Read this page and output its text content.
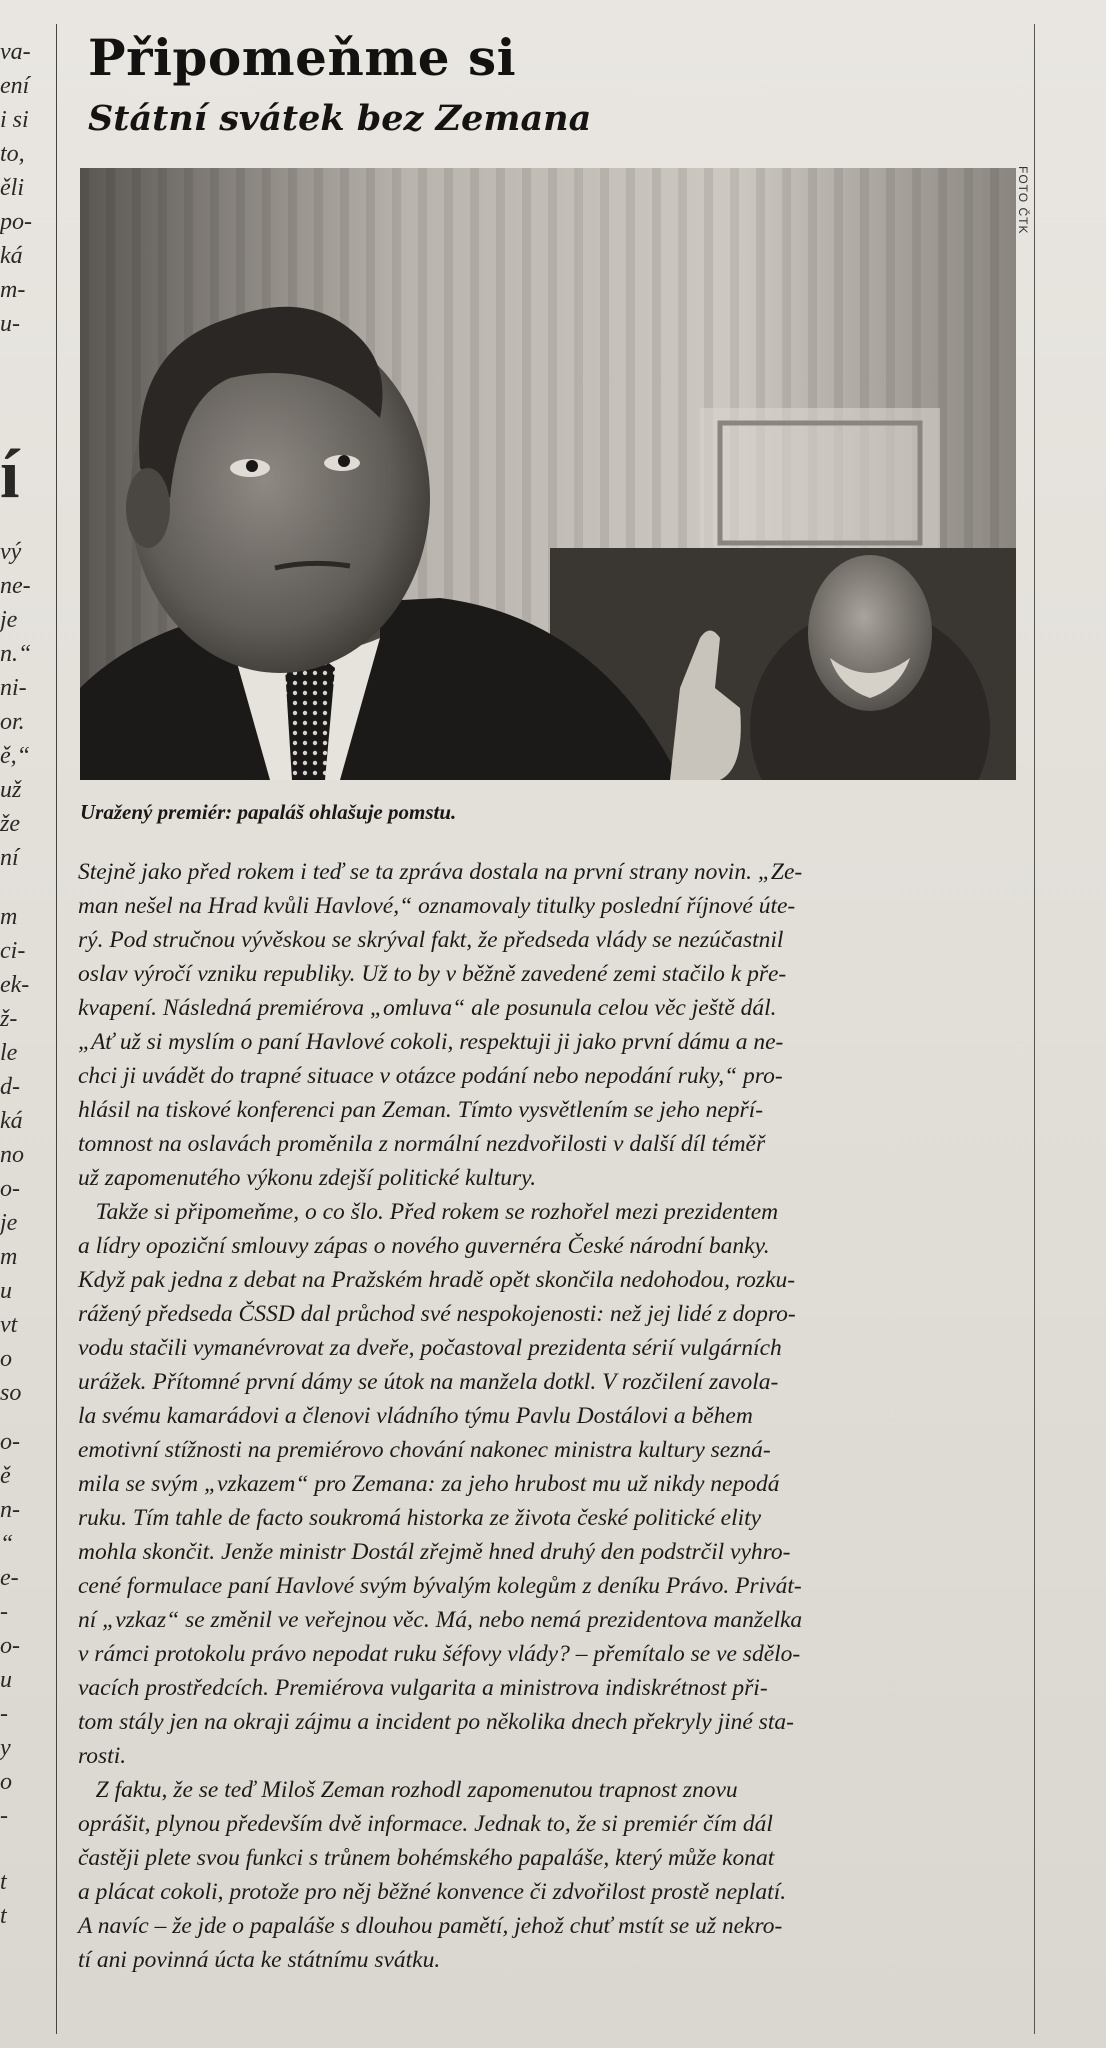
va-
ení
i si
to,
ěli
po-
ká
m-
u-
í
vý
ne-
je
n.“
ni-
or.
ě,“
už
že
ní
m
ci-
ek-
ž-
le
d-
ká
no
o-
je
m
u
vt
o
so
o-
ě
n-
“
e-
-
o-
u
-
y
o
-
t
t
Připomeňme si
Státní svátek bez Zemana
FOTO ČTK

Uražený premiér: papaláš ohlašuje pomstu.

Stejně jako před rokem i teď se ta zpráva dostala na první strany novin. „Ze-
man nešel na Hrad kvůli Havlové,“ oznamovaly titulky poslední říjnové úte-
rý. Pod stručnou vývěskou se skrýval fakt, že předseda vlády se nezúčastnil
oslav výročí vzniku republiky. Už to by v běžně zavedené zemi stačilo k pře-
kvapení. Následná premiérova „omluva“ ale posunula celou věc ještě dál.
„Ať už si myslím o paní Havlové cokoli, respektuji ji jako první dámu a ne-
chci ji uvádět do trapné situace v otázce podání nebo nepodání ruky,“ pro-
hlásil na tiskové konferenci pan Zeman. Tímto vysvětlením se jeho nepří-
tomnost na oslavách proměnila z normální nezdvořilosti v další díl téměř
už zapomenutého výkonu zdejší politické kultury.
Takže si připomeňme, o co šlo. Před rokem se rozhořel mezi prezidentem
a lídry opoziční smlouvy zápas o nového guvernéra České národní banky.
Když pak jedna z debat na Pražském hradě opět skončila nedohodou, rozku-
rážený předseda ČSSD dal průchod své nespokojenosti: než jej lidé z dopro-
vodu stačili vymanévrovat za dveře, počastoval prezidenta sérií vulgárních
urážek. Přítomné první dámy se útok na manžela dotkl. V rozčilení zavola-
la svému kamarádovi a členovi vládního týmu Pavlu Dostálovi a během
emotivní stížnosti na premiérovo chování nakonec ministra kultury sezná-
mila se svým „vzkazem“ pro Zemana: za jeho hrubost mu už nikdy nepodá
ruku. Tím tahle de facto soukromá historka ze života české politické elity
mohla skončit. Jenže ministr Dostál zřejmě hned druhý den podstrčil vyhro-
cené formulace paní Havlové svým bývalým kolegům z deníku Právo. Privát-
ní „vzkaz“ se změnil ve veřejnou věc. Má, nebo nemá prezidentova manželka
v rámci protokolu právo nepodat ruku šéfovy vlády? – přemítalo se ve sdělo-
vacích prostředcích. Premiérova vulgarita a ministrova indiskrétnost při-
tom stály jen na okraji zájmu a incident po několika dnech překryly jiné sta-
rosti.
Z faktu, že se teď Miloš Zeman rozhodl zapomenutou trapnost znovu
oprášit, plynou především dvě informace. Jednak to, že si premiér čím dál
častěji plete svou funkci s trůnem bohémského papaláše, který může konat
a plácat cokoli, protože pro něj běžné konvence či zdvořilost prostě neplatí.
A navíc – že jde o papaláše s dlouhou pamětí, jehož chuť mstít se už nekro-
tí ani povinná úcta ke státnímu svátku.
